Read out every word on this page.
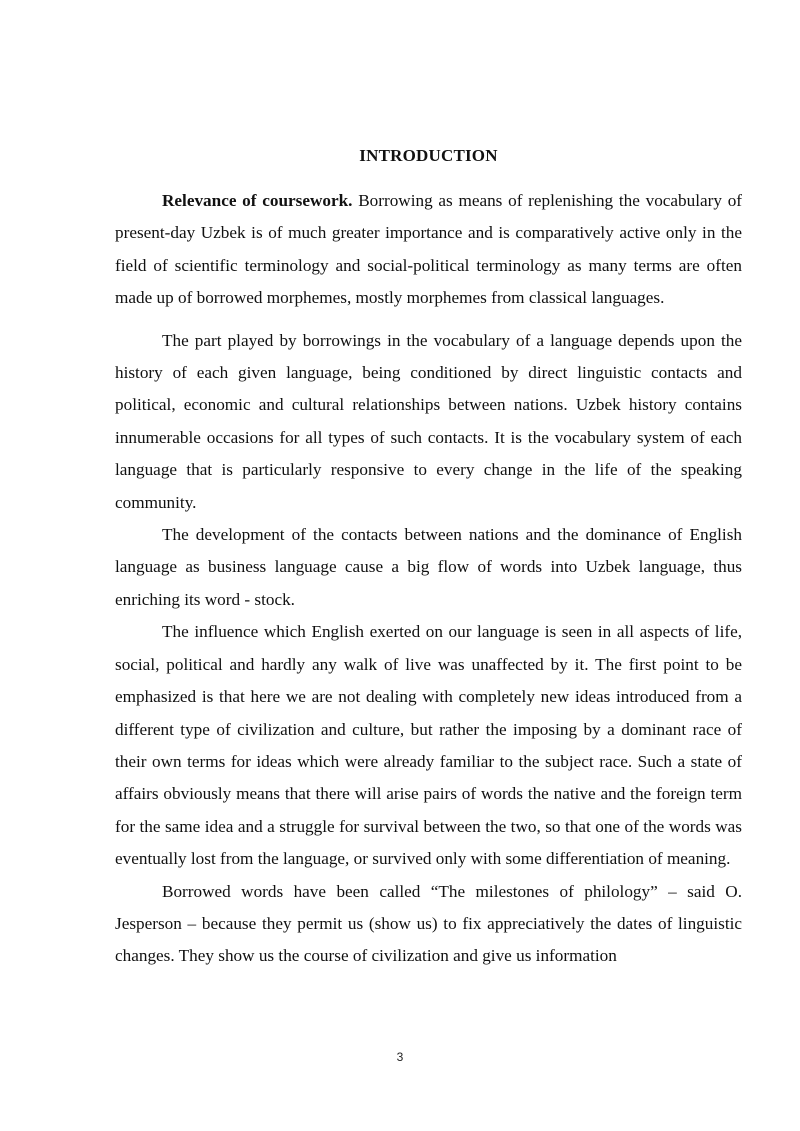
INTRODUCTION

Relevance of coursework. Borrowing as means of replenishing the vocabulary of present-day Uzbek is of much greater importance and is comparatively active only in the field of scientific terminology and social-political terminology as many terms are often made up of borrowed morphemes, mostly morphemes from classical languages.

The part played by borrowings in the vocabulary of a language depends upon the history of each given language, being conditioned by direct linguistic contacts and political, economic and cultural relationships between nations. Uzbek history contains innumerable occasions for all types of such contacts. It is the vocabulary system of each language that is particularly responsive to every change in the life of the speaking community.

The development of the contacts between nations and the dominance of English language as business language cause a big flow of words into Uzbek language, thus enriching its word - stock.

The influence which English exerted on our language is seen in all aspects of life, social, political and hardly any walk of live was unaffected by it. The first point to be emphasized is that here we are not dealing with completely new ideas introduced from a different type of civilization and culture, but rather the imposing by a dominant race of their own terms for ideas which were already familiar to the subject race. Such a state of affairs obviously means that there will arise pairs of words the native and the foreign term for the same idea and a struggle for survival between the two, so that one of the words was eventually lost from the language, or survived only with some differentiation of meaning.

Borrowed words have been called “The milestones of philology” – said O. Jesperson – because they permit us (show us) to fix appreciatively the dates of linguistic changes. They show us the course of civilization and give us information

3
